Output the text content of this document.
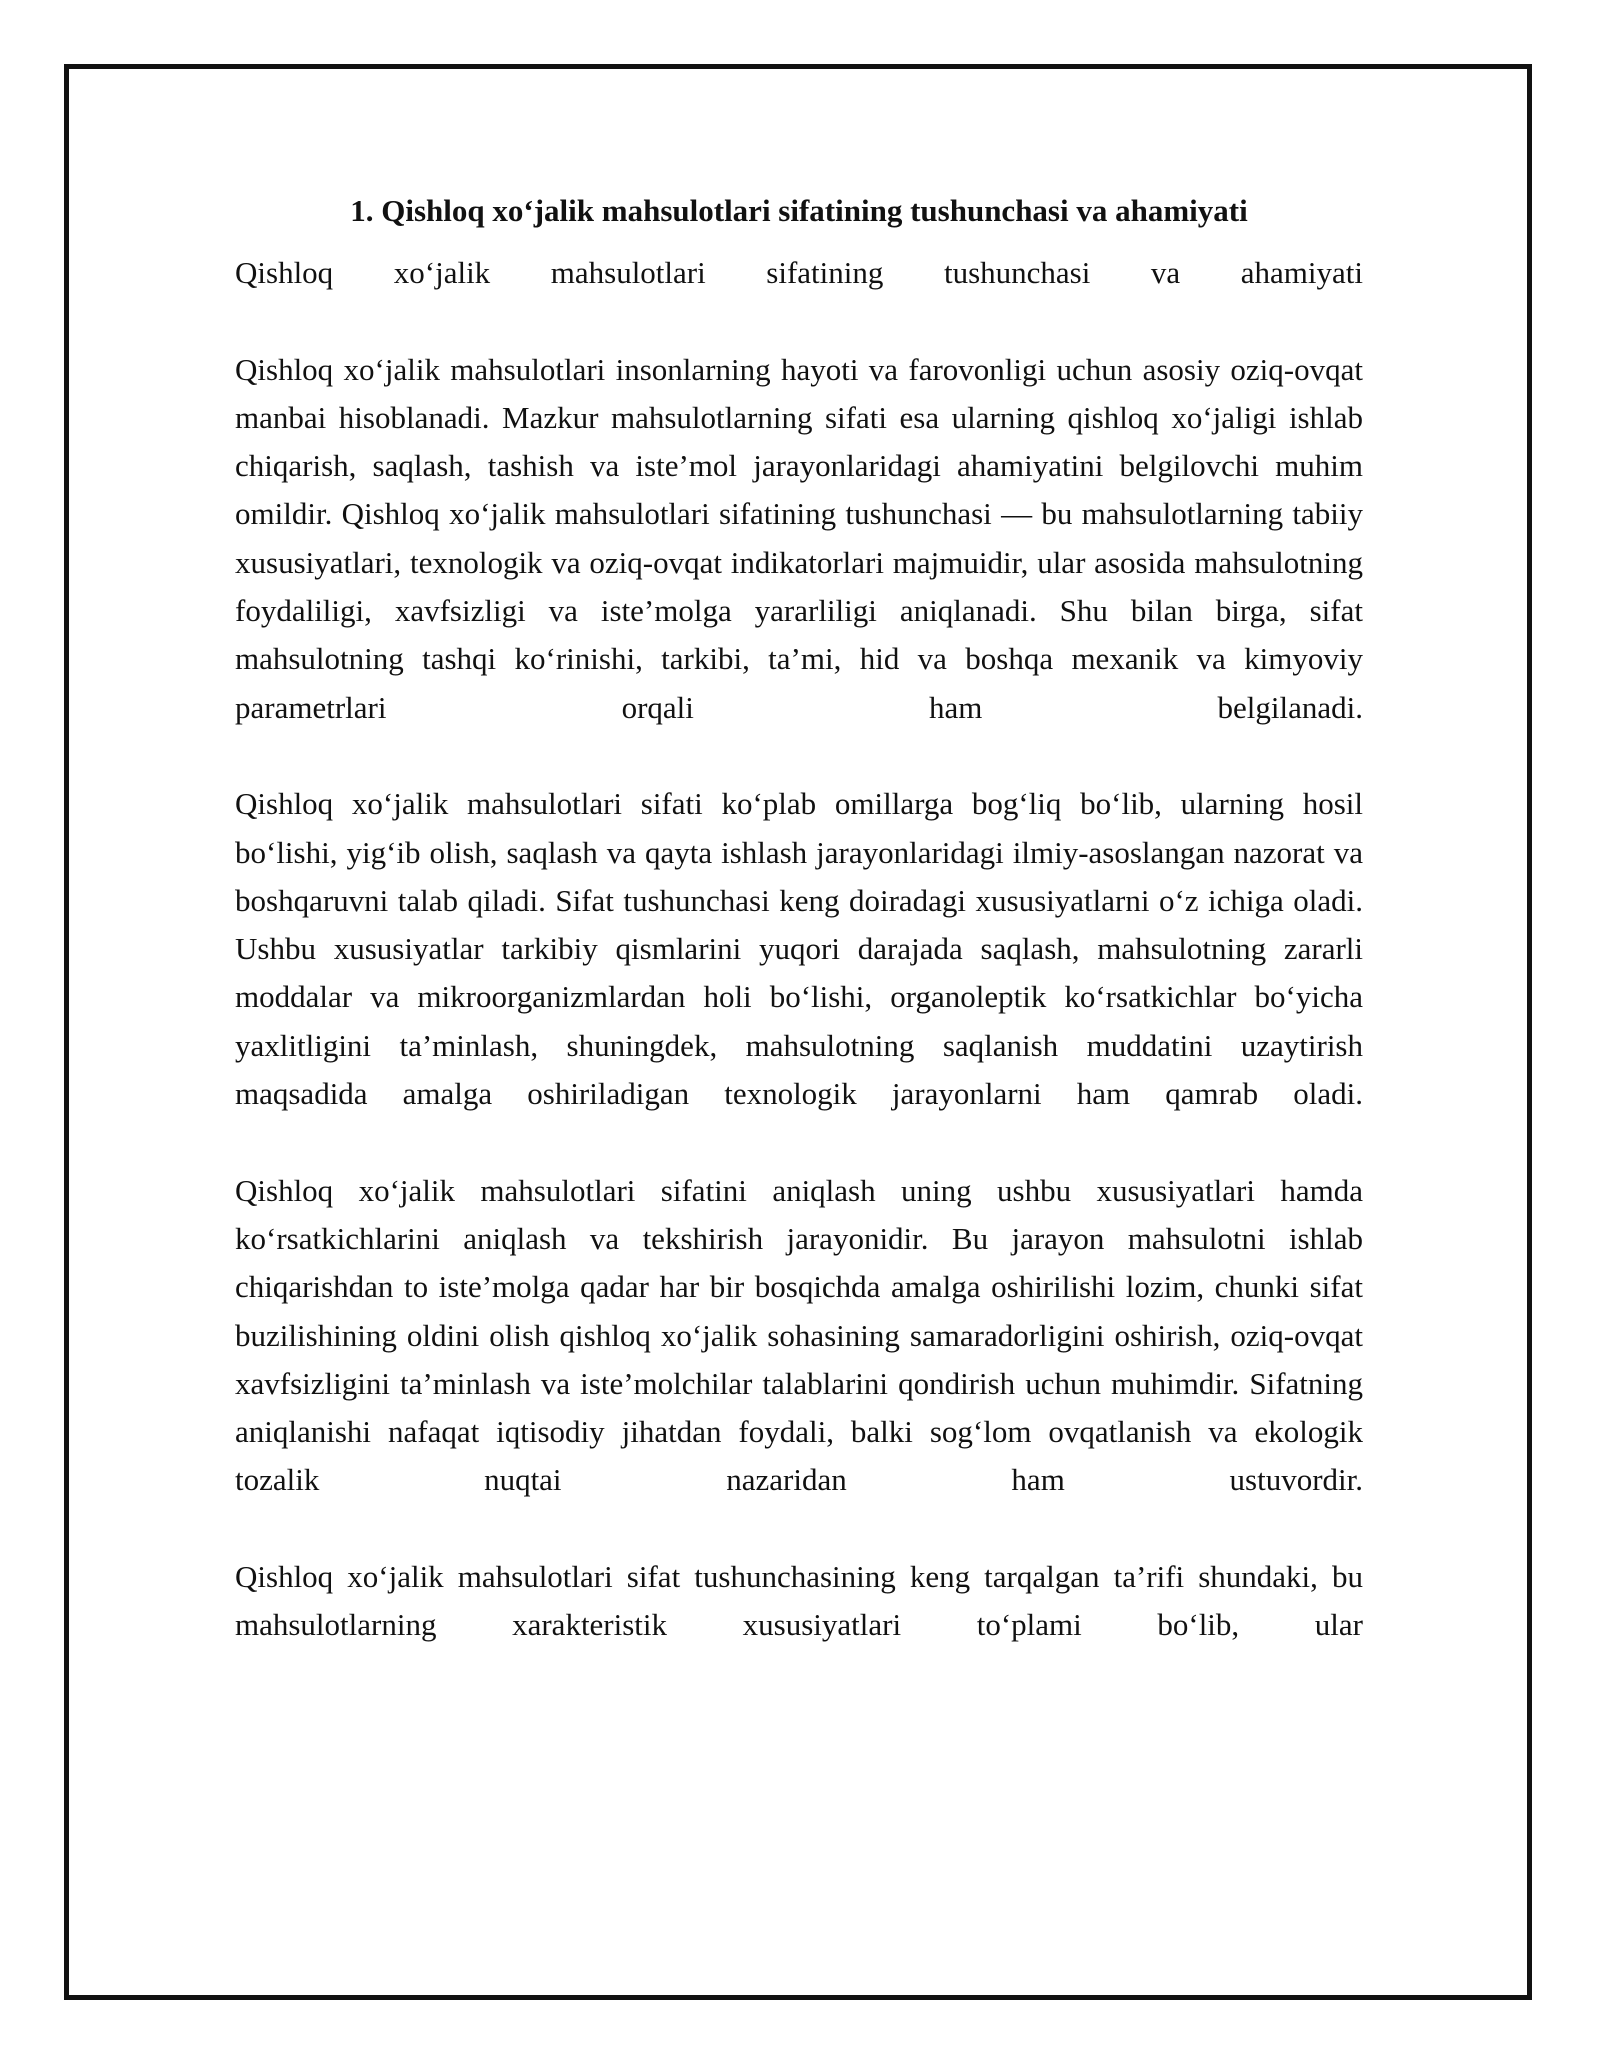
1. Qishloq xo‘jalik mahsulotlari sifatining tushunchasi va ahamiyati

Qishloq xo‘jalik mahsulotlari sifatining tushunchasi va ahamiyati

Qishloq xo‘jalik mahsulotlari insonlarning hayoti va farovonligi uchun asosiy oziq-ovqat manbai hisoblanadi. Mazkur mahsulotlarning sifati esa ularning qishloq xo‘jaligi ishlab chiqarish, saqlash, tashish va iste’mol jarayonlaridagi ahamiyatini belgilovchi muhim omildir. Qishloq xo‘jalik mahsulotlari sifatining tushunchasi — bu mahsulotlarning tabiiy xususiyatlari, texnologik va oziq-ovqat indikatorlari majmuidir, ular asosida mahsulotning foydaliligi, xavfsizligi va iste’molga yararliligi aniqlanadi. Shu bilan birga, sifat mahsulotning tashqi ko‘rinishi, tarkibi, ta’mi, hid va boshqa mexanik va kimyoviy parametrlari orqali ham belgilanadi.

Qishloq xo‘jalik mahsulotlari sifati ko‘plab omillarga bog‘liq bo‘lib, ularning hosil bo‘lishi, yig‘ib olish, saqlash va qayta ishlash jarayonlaridagi ilmiy-asoslangan nazorat va boshqaruvni talab qiladi. Sifat tushunchasi keng doiradagi xususiyatlarni o‘z ichiga oladi. Ushbu xususiyatlar tarkibiy qismlarini yuqori darajada saqlash, mahsulotning zararli moddalar va mikroorganizmlardan holi bo‘lishi, organoleptik ko‘rsatkichlar bo‘yicha yaxlitligini ta’minlash, shuningdek, mahsulotning saqlanish muddatini uzaytirish maqsadida amalga oshiriladigan texnologik jarayonlarni ham qamrab oladi.

Qishloq xo‘jalik mahsulotlari sifatini aniqlash uning ushbu xususiyatlari hamda ko‘rsatkichlarini aniqlash va tekshirish jarayonidir. Bu jarayon mahsulotni ishlab chiqarishdan to iste’molga qadar har bir bosqichda amalga oshirilishi lozim, chunki sifat buzilishining oldini olish qishloq xo‘jalik sohasining samaradorligini oshirish, oziq-ovqat xavfsizligini ta’minlash va iste’molchilar talablarini qondirish uchun muhimdir. Sifatning aniqlanishi nafaqat iqtisodiy jihatdan foydali, balki sog‘lom ovqatlanish va ekologik tozalik nuqtai nazaridan ham ustuvordir.

Qishloq xo‘jalik mahsulotlari sifat tushunchasining keng tarqalgan ta’rifi shundaki, bu mahsulotlarning xarakteristik xususiyatlari to‘plami bo‘lib, ular
